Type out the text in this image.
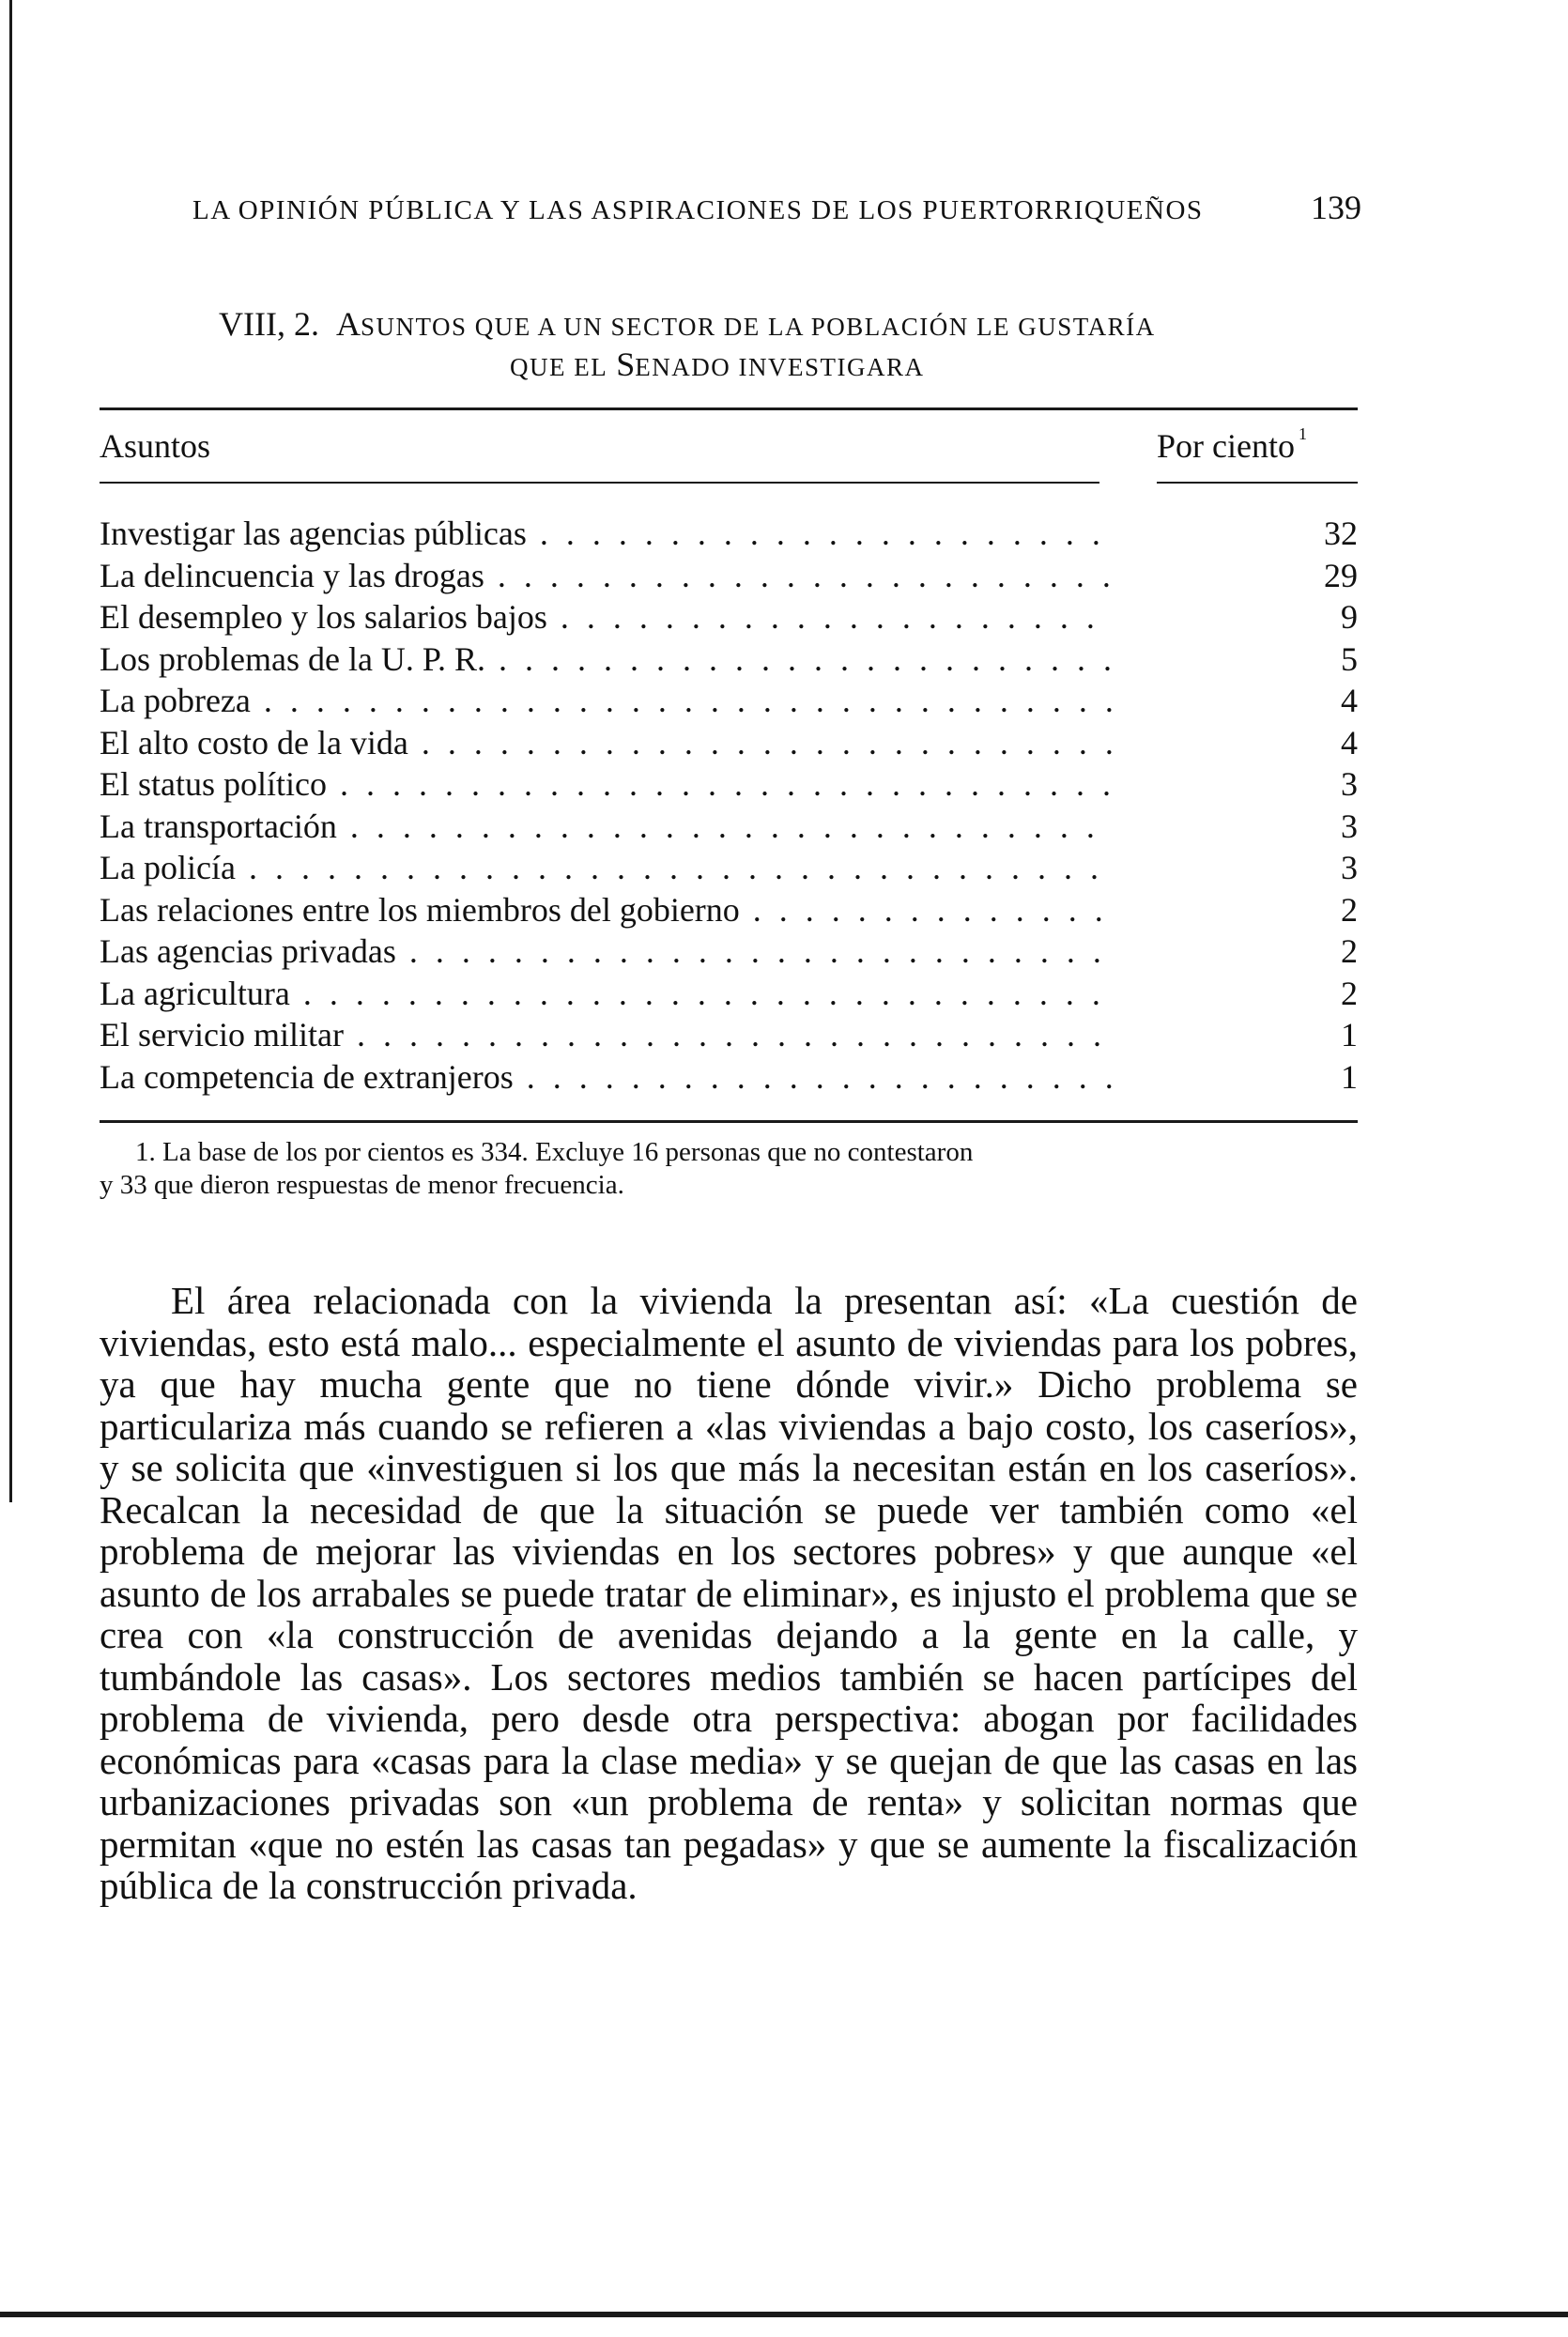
LA OPINIÓN PÚBLICA Y LAS ASPIRACIONES DE LOS PUERTORRIQUEÑOS	139
VIII, 2. ASUNTOS QUE A UN SECTOR DE LA POBLACIÓN LE GUSTARÍA
QUE EL SENADO INVESTIGARA
Asuntos	Por ciento $^1$
Investigar las agencias públicas . . .	32
La delincuencia y las drogas . . .	29
El desempleo y los salarios bajos . . .	9
Los problemas de la U. P. R. . . .	5
La pobreza . . .	4
El alto costo de la vida . . .	4
El status político . . .	3
La transportación . . .	3
La policía . . .	3
Las relaciones entre los miembros del gobierno . . .	2
Las agencias privadas . . .	2
La agricultura . . .	2
El servicio militar . . .	1
La competencia de extranjeros . . .	1
1. La base de los por cientos es 334. Excluye 16 personas que no contestaron
y 33 que dieron respuestas de menor frecuencia.
El área relacionada con la vivienda la presentan así: «La cuestión de viviendas, esto está malo... especialmente el asunto de viviendas para los pobres, ya que hay mucha gente que no tiene dónde vivir.» Dicho problema se particulariza más cuando se refieren a «las viviendas a bajo costo, los caseríos», y se solicita que «investiguen si los que más la necesitan están en los caseríos». Recalcan la necesidad de que la situación se puede ver también como «el problema de mejorar las viviendas en los sectores pobres» y que aunque «el asunto de los arrabales se puede tratar de eliminar», es injusto el problema que se crea con «la construcción de avenidas dejando a la gente en la calle, y tumbándole las casas». Los sectores medios también se hacen partícipes del problema de vivienda, pero desde otra perspectiva: abogan por facilidades económicas para «casas para la clase media» y se quejan de que las casas en las urbanizaciones privadas son «un problema de renta» y solicitan normas que permitan «que no estén las casas tan pegadas» y que se aumente la fiscalización pública de la construcción privada.
